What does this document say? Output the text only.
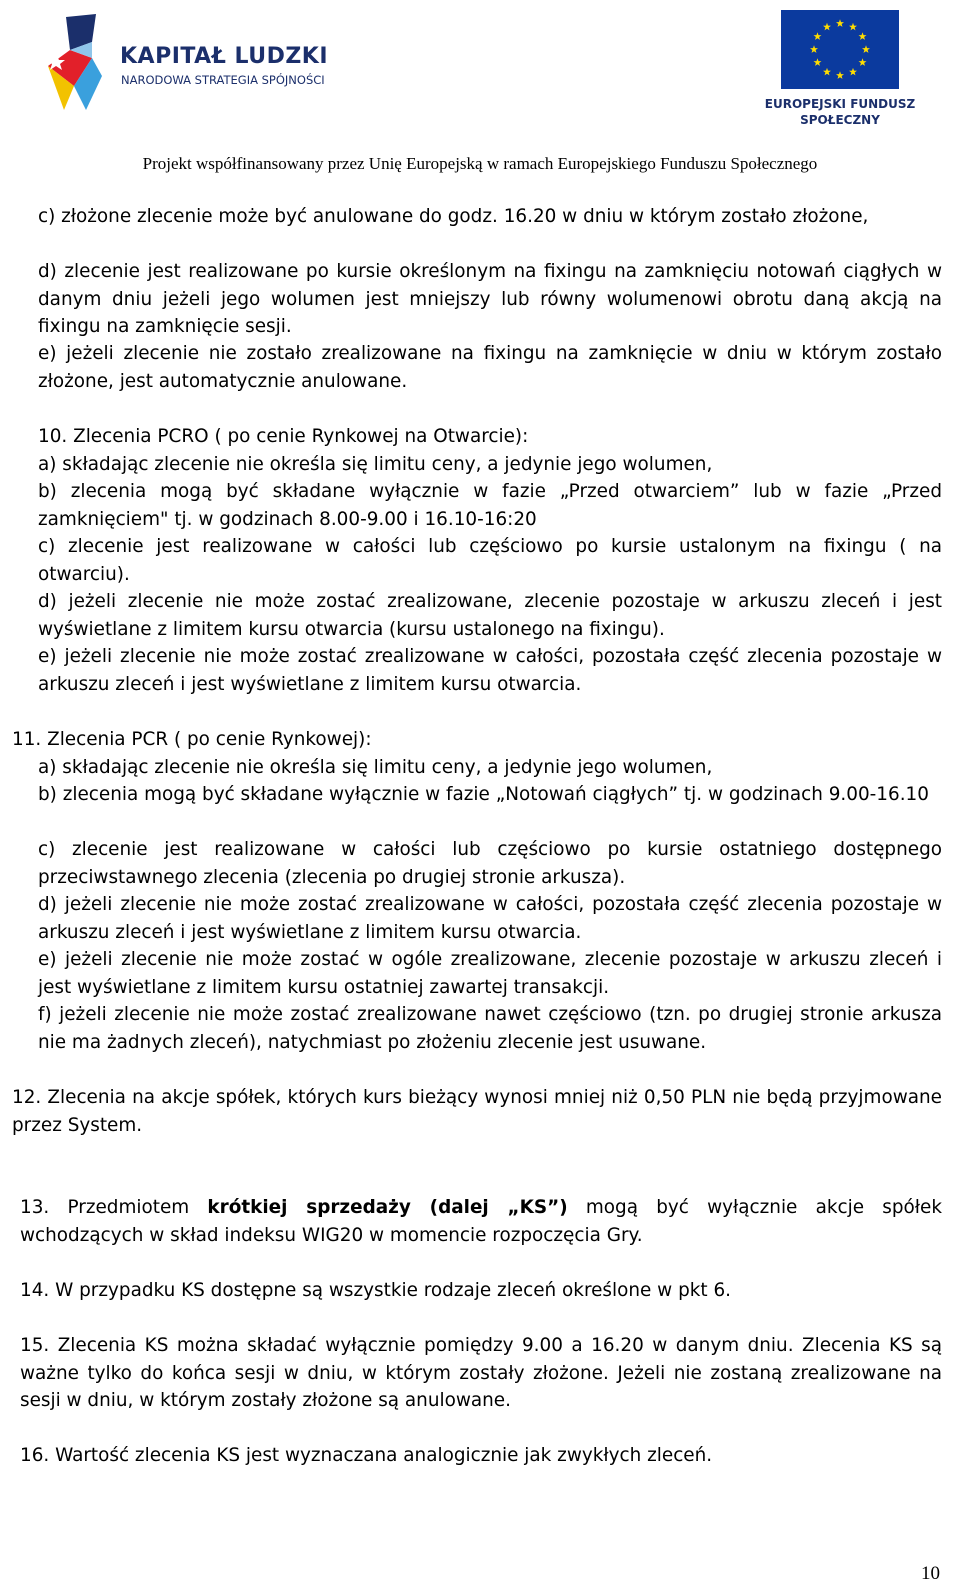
KAPITAŁ LUDZKI
NARODOWA STRATEGIA SPÓJNOŚCI
EUROPEJSKI FUNDUSZ
SPOŁECZNY
Projekt współfinansowany przez Unię Europejską w ramach Europejskiego Funduszu Społecznego

c) złożone zlecenie może być anulowane do godz. 16.20 w dniu w którym zostało złożone,

d) zlecenie jest realizowane po kursie określonym na fixingu na zamknięciu notowań ciągłych w danym dniu jeżeli jego wolumen jest mniejszy lub równy wolumenowi obrotu daną akcją na fixingu na zamknięcie sesji.

e) jeżeli zlecenie nie zostało zrealizowane na fixingu na zamknięcie w dniu w którym zostało złożone, jest automatycznie anulowane.

10. Zlecenia PCRO ( po cenie Rynkowej na Otwarcie):

a) składając zlecenie nie określa się limitu ceny, a jedynie jego wolumen,

b) zlecenia mogą być składane wyłącznie w fazie „Przed otwarciem” lub w fazie „Przed zamknięciem" tj. w godzinach 8.00-9.00 i 16.10-16:20

c) zlecenie jest realizowane w całości lub częściowo po kursie ustalonym na fixingu ( na otwarciu).

d) jeżeli zlecenie nie może zostać zrealizowane, zlecenie pozostaje w arkuszu zleceń i jest wyświetlane z limitem kursu otwarcia (kursu ustalonego na fixingu).

e) jeżeli zlecenie nie może zostać zrealizowane w całości, pozostała część zlecenia pozostaje w arkuszu zleceń i jest wyświetlane z limitem kursu otwarcia.

11. Zlecenia PCR ( po cenie Rynkowej):

a) składając zlecenie nie określa się limitu ceny, a jedynie jego wolumen,

b) zlecenia mogą być składane wyłącznie w fazie „Notowań ciągłych” tj. w godzinach 9.00-16.10

c) zlecenie jest realizowane w całości lub częściowo po kursie ostatniego dostępnego przeciwstawnego zlecenia (zlecenia po drugiej stronie arkusza).

d) jeżeli zlecenie nie może zostać zrealizowane w całości, pozostała część zlecenia pozostaje w arkuszu zleceń i jest wyświetlane z limitem kursu otwarcia.

e) jeżeli zlecenie nie może zostać w ogóle zrealizowane, zlecenie pozostaje w arkuszu zleceń i jest wyświetlane z limitem kursu ostatniej zawartej transakcji.

f) jeżeli zlecenie nie może zostać zrealizowane nawet częściowo (tzn. po drugiej stronie arkusza nie ma żadnych zleceń), natychmiast po złożeniu zlecenie jest usuwane.

12. Zlecenia na akcje spółek, których kurs bieżący wynosi mniej niż 0,50 PLN nie będą przyjmowane przez System.

13. Przedmiotem krótkiej sprzedaży (dalej „KS”) mogą być wyłącznie akcje spółek wchodzących w skład indeksu WIG20 w momencie rozpoczęcia Gry.

14. W przypadku KS dostępne są wszystkie rodzaje zleceń określone w pkt 6.

15. Zlecenia KS można składać wyłącznie pomiędzy 9.00 a 16.20 w danym dniu. Zlecenia KS są ważne tylko do końca sesji w dniu, w którym zostały złożone. Jeżeli nie zostaną zrealizowane na sesji w dniu, w którym zostały złożone są anulowane.

16. Wartość zlecenia KS jest wyznaczana analogicznie jak zwykłych zleceń.

10
